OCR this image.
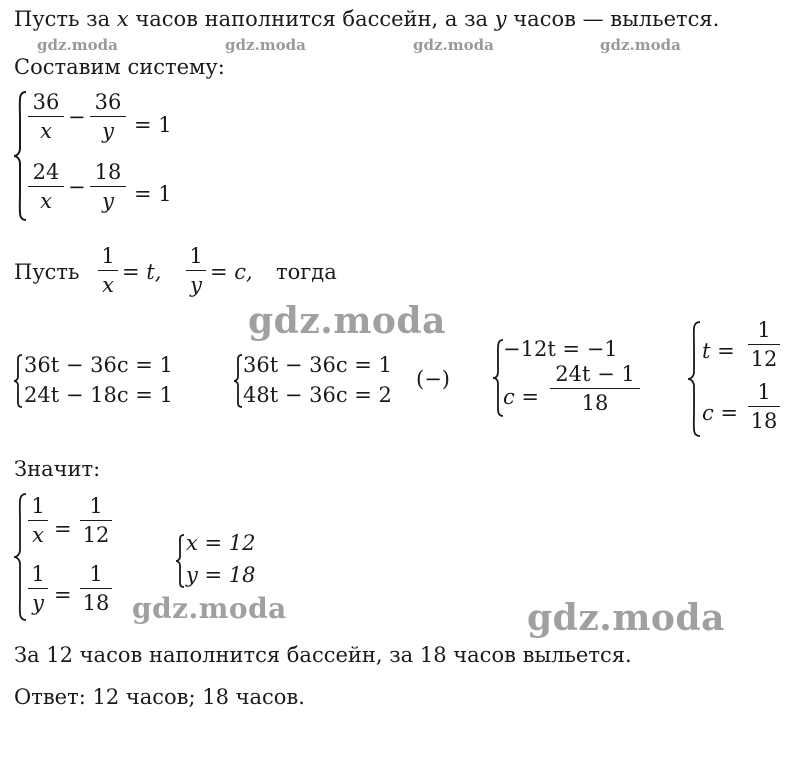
gdz.moda	gdz.moda	gdz.moda	gdz.moda
gdz.moda
gdz.moda	gdz.moda
Пусть за x часов наполнится бассейн, а за y часов — выльется.
Составим систему:
36
x
−
36
y = 1
24
x
−
18
y = 1
Пусть
1
x
= t,
1
y
= c, тогда
36t − 36c = 1
24t − 18c = 1
36t − 36c = 1
48t − 36c = 2
(−)
−12t = −1
c =
24t − 1
18
t =
1
12
c =
1
18
Значит:
1
x =
1
12
1
y =
1
18
x = 12
y = 18
За 12 часов наполнится бассейн, за 18 часов выльется.
Ответ: 12 часов; 18 часов.
